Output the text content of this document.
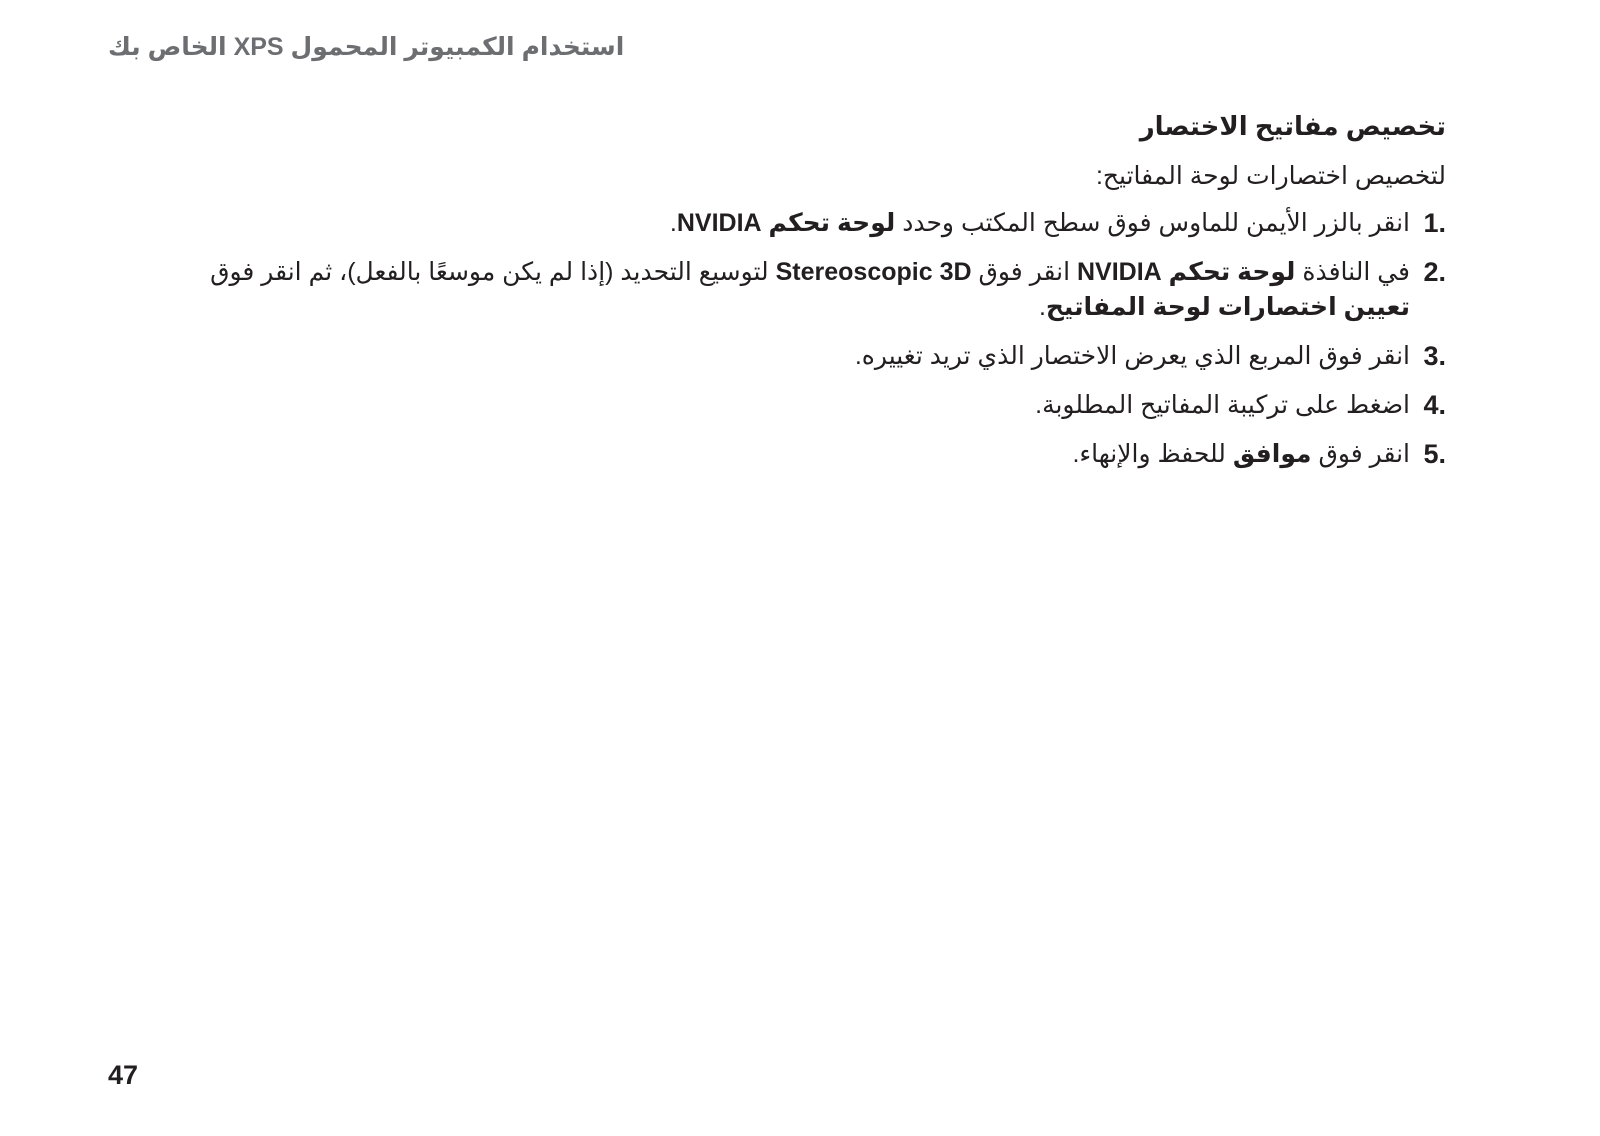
استخدام الكمبيوتر المحمول XPS الخاص بك
تخصيص مفاتيح الاختصار

لتخصيص اختصارات لوحة المفاتيح:

1.
انقر بالزر الأيمن للماوس فوق سطح المكتب وحدد لوحة تحكم NVIDIA.
2.
في النافذة لوحة تحكم NVIDIA انقر فوق Stereoscopic 3D لتوسيع التحديد (إذا لم يكن موسعًا بالفعل)، ثم انقر فوق تعيين اختصارات لوحة المفاتيح.
3.
انقر فوق المربع الذي يعرض الاختصار الذي تريد تغييره.
4.
اضغط على تركيبة المفاتيح المطلوبة.
5.
انقر فوق موافق للحفظ والإنهاء.
47
